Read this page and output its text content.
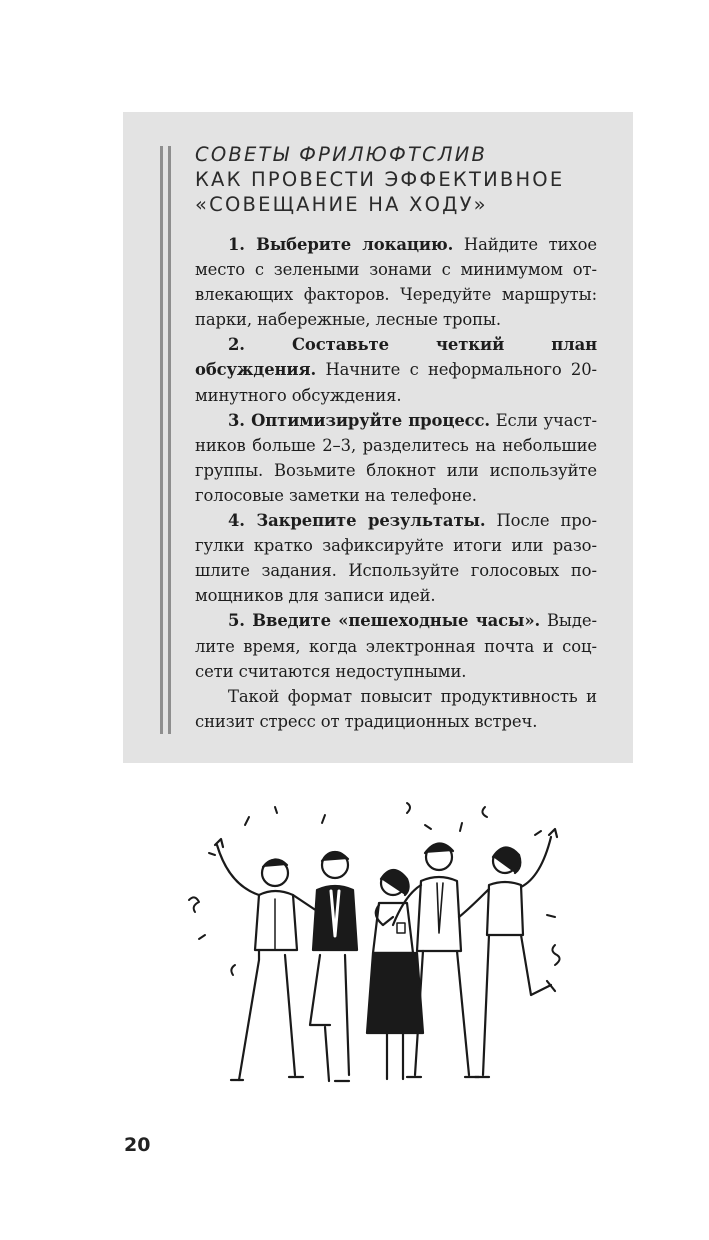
СОВЕТЫ ФРИЛЮФТСЛИВ
КАК ПРОВЕСТИ ЭФФЕКТИВНОЕ
«СОВЕЩАНИЕ НА ХОДУ»

1. Выберите локацию. Найдите тихое место с зелеными зонами с минимумом отвлекающих факторов. Чередуйте маршруты: парки, набережные, лесные тропы.

2. Составьте четкий план обсуждения. Начните с неформального 20-минутного обсуждения.

3. Оптимизируйте процесс. Если участников больше 2–3, разделитесь на небольшие группы. Возьмите блокнот или используйте голосовые заметки на телефоне.

4. Закрепите результаты. После прогулки кратко зафиксируйте итоги или разошлите задания. Используйте голосовых помощников для записи идей.

5. Введите «пешеходные часы». Выделите время, когда электронная почта и соцсети считаются недоступными.

Такой формат повысит продуктивность и снизит стресс от традиционных встреч.

20
